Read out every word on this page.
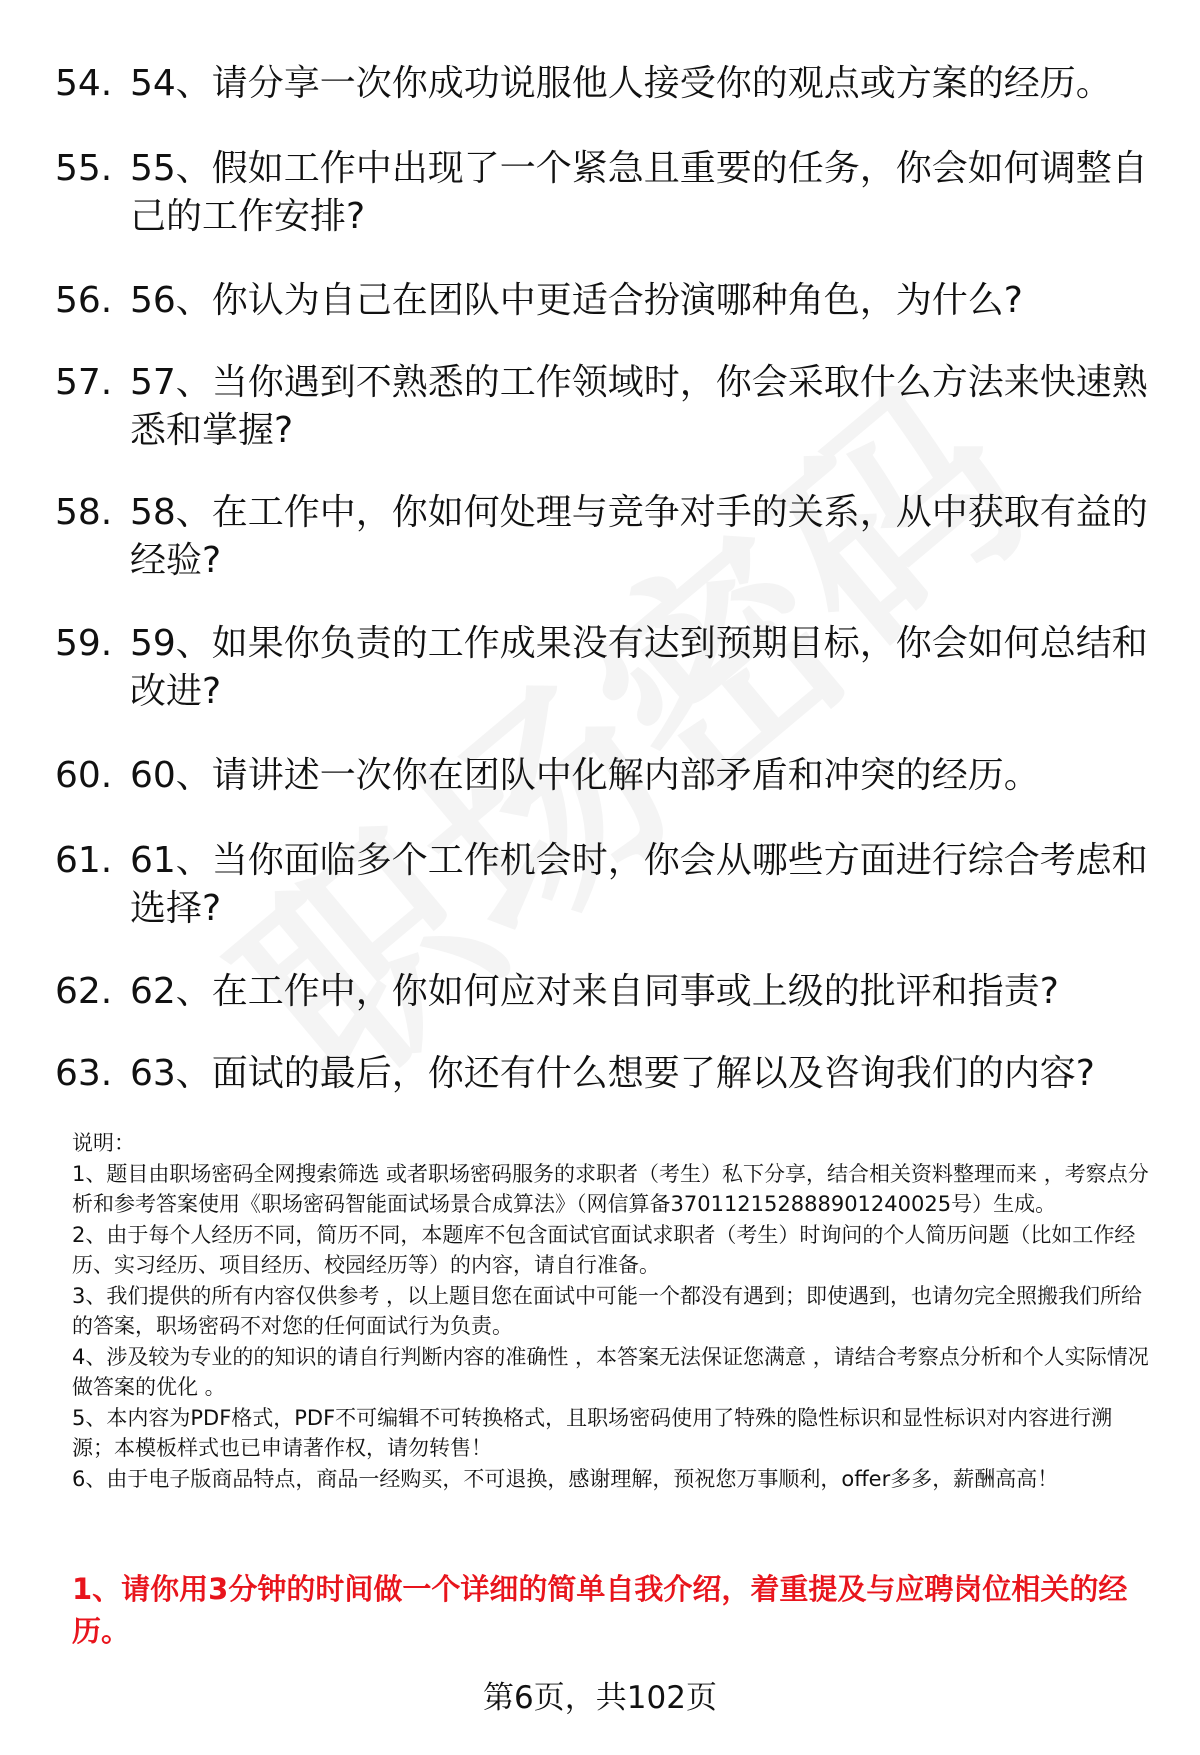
54. 54、请分享一次你成功说服他人接受你的观点或方案的经历。
55. 55、假如工作中出现了一个紧急且重要的任务，你会如何调整自己的工作安排?
56. 56、你认为自己在团队中更适合扮演哪种角色，为什么?
57. 57、当你遇到不熟悉的工作领域时，你会采取什么方法来快速熟悉和掌握?
58. 58、在工作中，你如何处理与竞争对手的关系，从中获取有益的经验?
59. 59、如果你负责的工作成果没有达到预期目标，你会如何总结和改进?
60. 60、请讲述一次你在团队中化解内部矛盾和冲突的经历。
61. 61、当你面临多个工作机会时，你会从哪些方面进行综合考虑和选择?
62. 62、在工作中，你如何应对来自同事或上级的批评和指责?
63. 63、面试的最后，你还有什么想要了解以及咨询我们的内容?
说明：
1、题目由职场密码全网搜索筛选 或者职场密码服务的求职者（考生）私下分享，结合相关资料整理而来 ，考察点分析和参考答案使用《职场密码智能面试场景合成算法》（网信算备370112152888901240025号）生成。
2、由于每个人经历不同，简历不同，本题库不包含面试官面试求职者（考生）时询问的个人简历问题（比如工作经历、实习经历、项目经历、校园经历等）的内容，请自行准备。
3、我们提供的所有内容仅供参考 ，以上题目您在面试中可能一个都没有遇到；即使遇到，也请勿完全照搬我们所给的答案，职场密码不对您的任何面试行为负责。
4、涉及较为专业的的知识的请自行判断内容的准确性 ，本答案无法保证您满意 ，请结合考察点分析和个人实际情况做答案的优化 。
5、本内容为PDF格式，PDF不可编辑不可转换格式，且职场密码使用了特殊的隐性标识和显性标识对内容进行溯源；本模板样式也已申请著作权，请勿转售！
6、由于电子版商品特点，商品一经购买，不可退换，感谢理解，预祝您万事顺利，offer多多，薪酬高高！
1、请你用3分钟的时间做一个详细的简单自我介绍，着重提及与应聘岗位相关的经历。
第6页，共102页
